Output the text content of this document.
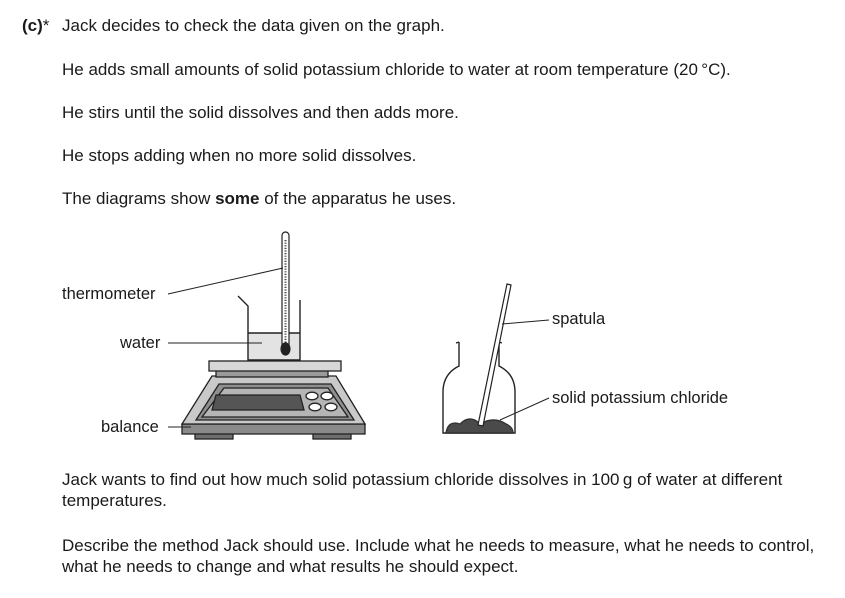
(c)* Jack decides to check the data given on the graph.
He adds small amounts of solid potassium chloride to water at room temperature (20 °C).
He stirs until the solid dissolves and then adds more.
He stops adding when no more solid dissolves.
The diagrams show some of the apparatus he uses.
thermometer
water
balance
spatula
solid potassium chloride
Jack wants to find out how much solid potassium chloride dissolves in 100 g of water at different temperatures.
Describe the method Jack should use. Include what he needs to measure, what he needs to control, what he needs to change and what results he should expect.
